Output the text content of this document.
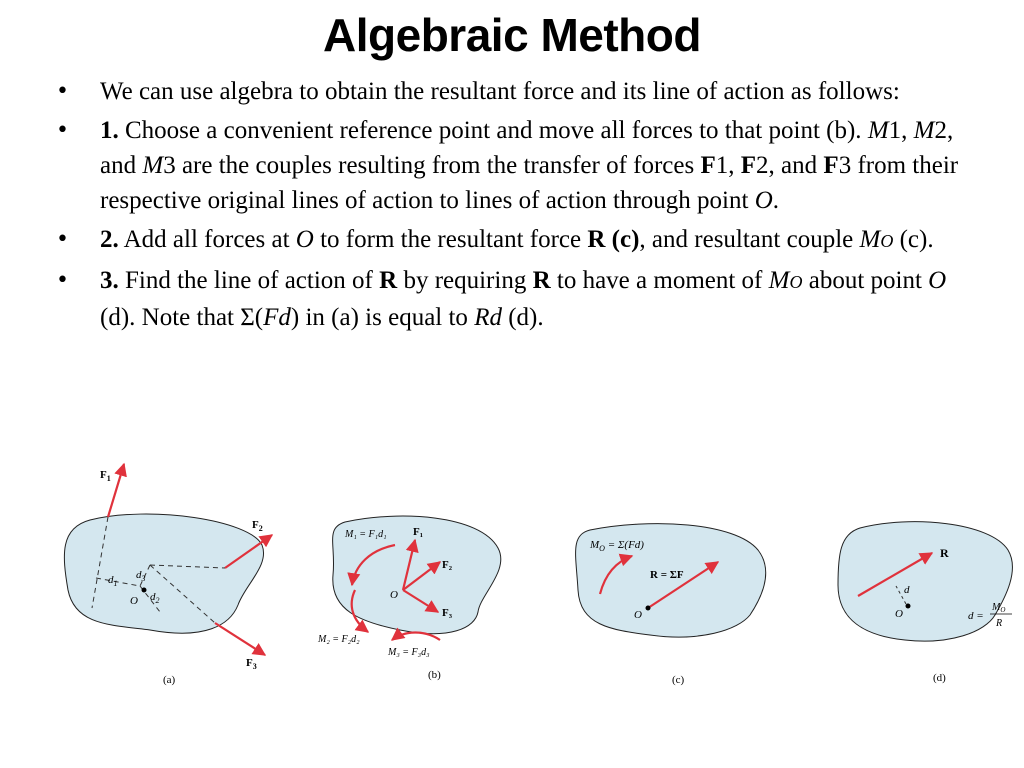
Algebraic Method
• We can use algebra to obtain the resultant force and its line of action as follows:
• 1. Choose a convenient reference point and move all forces to that point (b). M1, M2, and M3 are the couples resulting from the transfer of forces F1, F2, and F3 from their respective original lines of action to lines of action through point O.
• 2. Add all forces at O to form the resultant force R (c), and resultant couple MO (c).
• 3. Find the line of action of R by requiring R to have a moment of MO about point O (d). Note that Σ(Fd) in (a) is equal to Rd (d).
$F_1$
$F_2$
$F_3$
$d_1$
$d_3$
$d_2$
O
(a)
M₁ = F₁d₁ F₁
F₂
F₃
O
M₂ = F₂d₂
M₃ = F₃d₃
(b)
$M_O = \Sigma(Fd)$
R = ΣF
O
(c)
R
d
O	d =
$M_O$
R
(d)
